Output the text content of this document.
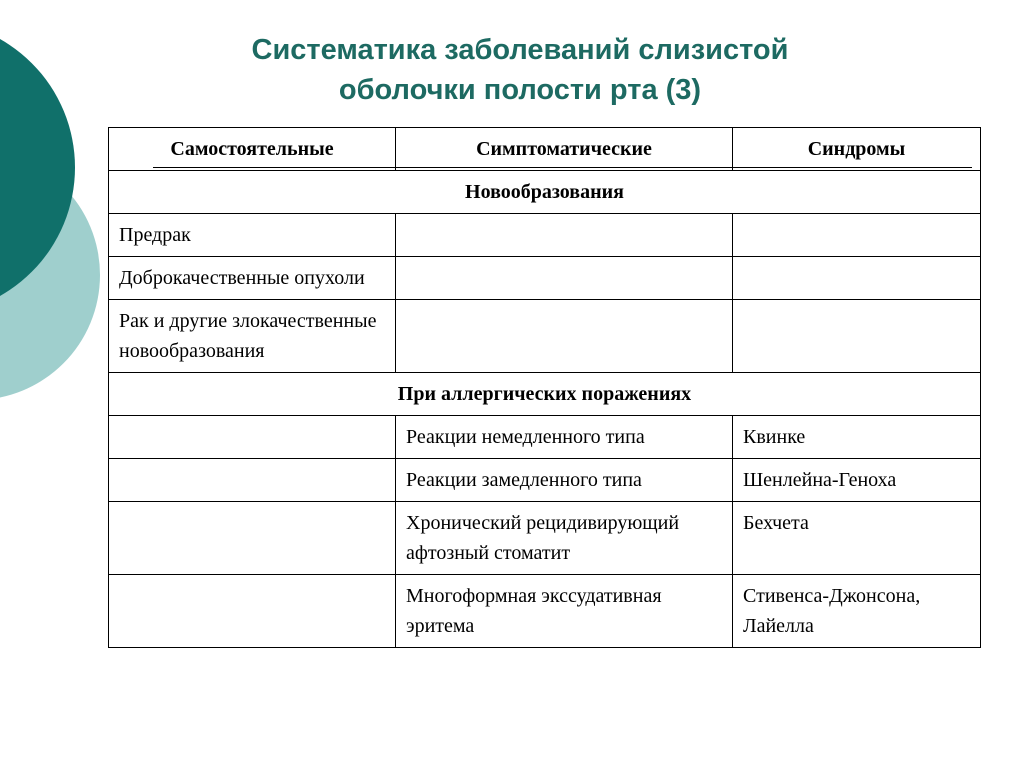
Систематика заболеваний слизистой
оболочки полости рта (3)
Самостоятельные	Симптоматические	Синдромы

Новообразования		
Предрак		
Доброкачественные опухоли		
Рак и другие злокачественные новообразования		
При аллергических поражениях		
	Реакции немедленного типа	Квинке
	Реакции замедленного типа	Шенлейна-Геноха
	Хронический рецидивирующий афтозный стоматит	Бехчета
	Многоформная экссудативная эритема	Стивенса-Джонсона, Лайелла
